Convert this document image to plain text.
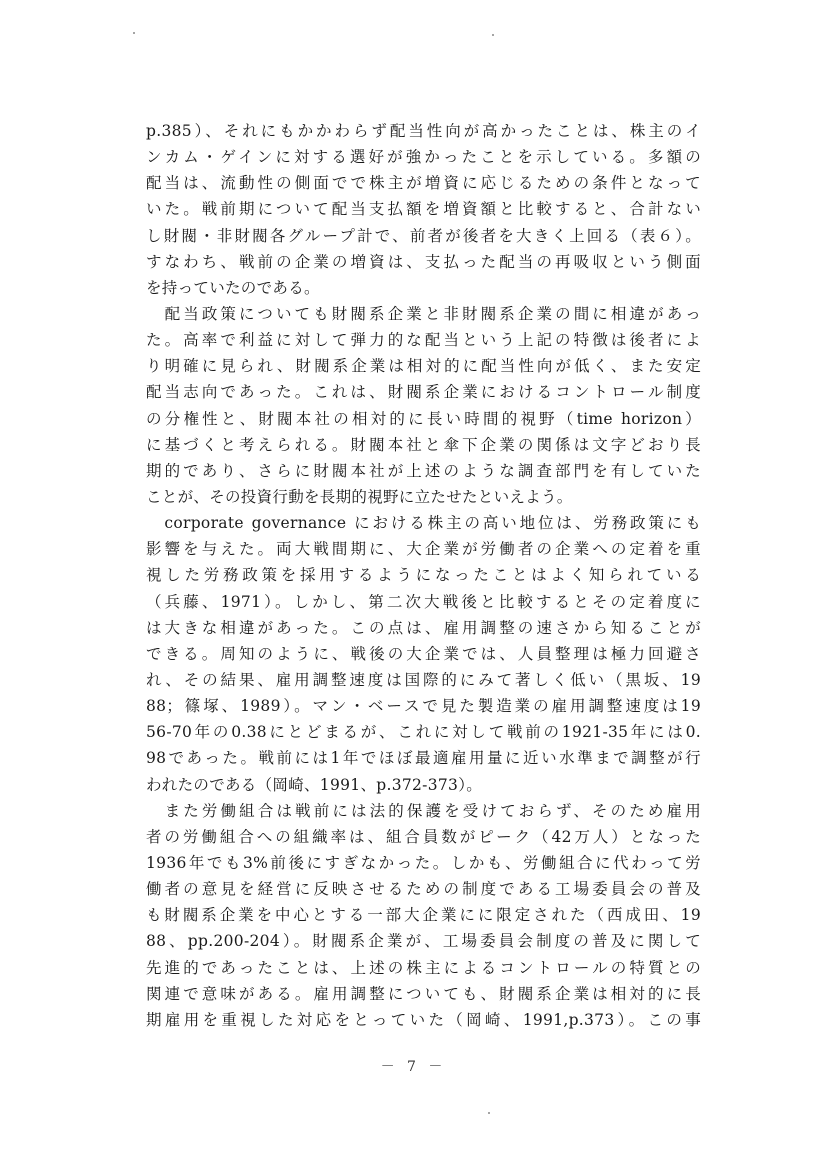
p.385）、それにもかかわらず配当性向が高かったことは、株主のイ
ンカム・ゲインに対する選好が強かったことを示している。多額の
配当は、流動性の側面でで株主が増資に応じるための条件となって
いた。戦前期について配当支払額を増資額と比較すると、合計ない
し財閥・非財閥各グループ計で、前者が後者を大きく上回る（表６）。
すなわち、戦前の企業の増資は、支払った配当の再吸収という側面
を持っていたのである。
　配当政策についても財閥系企業と非財閥系企業の間に相違があっ
た。高率で利益に対して弾力的な配当という上記の特徴は後者によ
り明確に見られ、財閥系企業は相対的に配当性向が低く、また安定
配当志向であった。これは、財閥系企業におけるコントロール制度
の分権性と、財閥本社の相対的に長い時間的視野（time horizon）
に基づくと考えられる。財閥本社と傘下企業の関係は文字どおり長
期的であり、さらに財閥本社が上述のような調査部門を有していた
ことが、その投資行動を長期的視野に立たせたといえよう。
　corporate governance における株主の高い地位は、労務政策にも
影響を与えた。両大戦間期に、大企業が労働者の企業への定着を重
視した労務政策を採用するようになったことはよく知られている
（兵藤、1971）。しかし、第二次大戦後と比較するとその定着度に
は大きな相違があった。この点は、雇用調整の速さから知ることが
できる。周知のように、戦後の大企業では、人員整理は極力回避さ
れ、その結果、雇用調整速度は国際的にみて著しく低い（黒坂、19
88；篠塚、1989）。マン・ベースで見た製造業の雇用調整速度は19
56-70年の0.38にとどまるが、これに対して戦前の1921-35年には0.
98であった。戦前には1年でほぼ最適雇用量に近い水準まで調整が行
われたのである（岡崎、1991、p.372-373）。
　また労働組合は戦前には法的保護を受けておらず、そのため雇用
者の労働組合への組織率は、組合員数がピーク（42万人）となった
1936年でも3%前後にすぎなかった。しかも、労働組合に代わって労
働者の意見を経営に反映させるための制度である工場委員会の普及
も財閥系企業を中心とする一部大企業にに限定された（西成田、19
88、pp.200-204）。財閥系企業が、工場委員会制度の普及に関して
先進的であったことは、上述の株主によるコントロールの特質との
関連で意味がある。雇用調整についても、財閥系企業は相対的に長
期雇用を重視した対応をとっていた（岡崎、1991,p.373）。この事
－ 7 －
